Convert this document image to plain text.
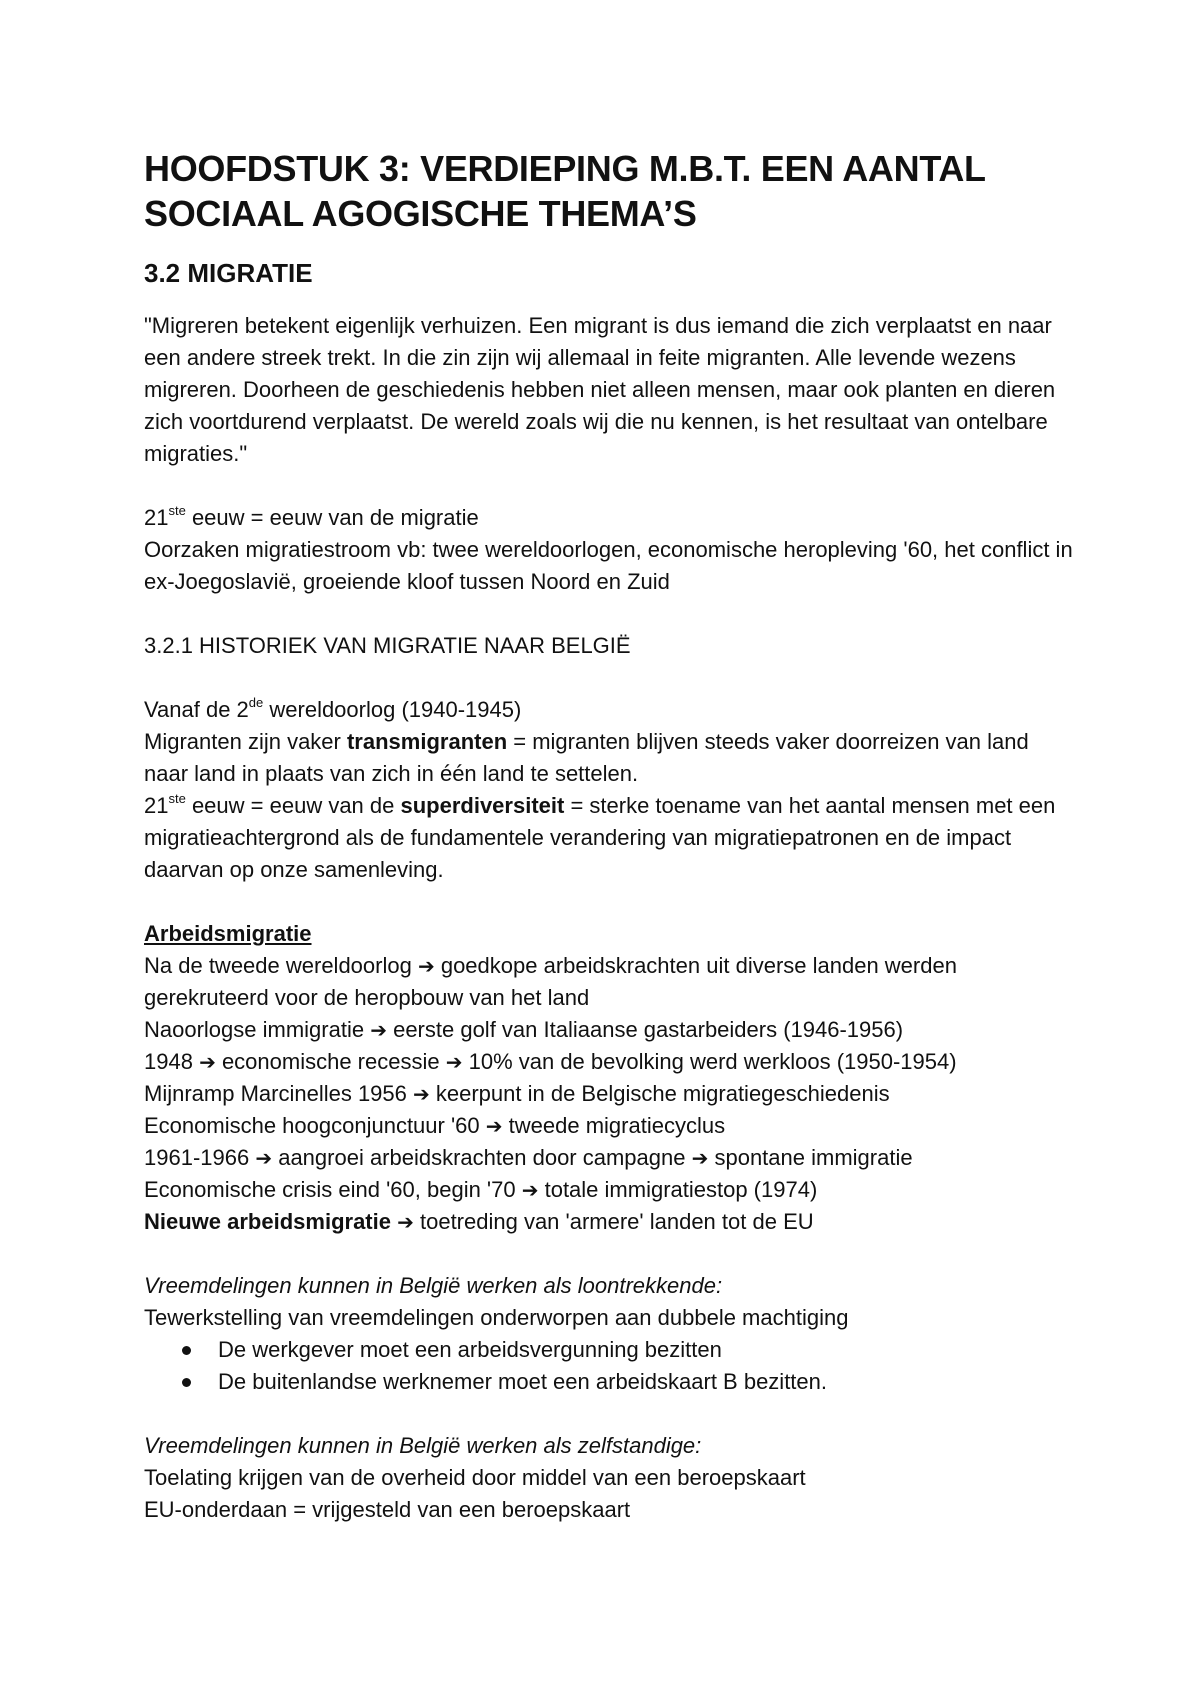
HOOFDSTUK 3: VERDIEPING M.B.T. EEN AANTAL SOCIAAL AGOGISCHE THEMA’S
3.2 MIGRATIE

"Migreren betekent eigenlijk verhuizen. Een migrant is dus iemand die zich verplaatst en naar een andere streek trekt. In die zin zijn wij allemaal in feite migranten. Alle levende wezens migreren. Doorheen de geschiedenis hebben niet alleen mensen, maar ook planten en dieren zich voortdurend verplaatst. De wereld zoals wij die nu kennen, is het resultaat van ontelbare migraties."

21ste eeuw = eeuw van de migratie

Oorzaken migratiestroom vb: twee wereldoorlogen, economische heropleving '60, het conflict in ex-Joegoslavië, groeiende kloof tussen Noord en Zuid

3.2.1 HISTORIEK VAN MIGRATIE NAAR BELGIË

Vanaf de 2de wereldoorlog (1940-1945)

Migranten zijn vaker transmigranten = migranten blijven steeds vaker doorreizen van land naar land in plaats van zich in één land te settelen.

21ste eeuw = eeuw van de superdiversiteit = sterke toename van het aantal mensen met een migratieachtergrond als de fundamentele verandering van migratiepatronen en de impact daarvan op onze samenleving.

Arbeidsmigratie

Na de tweede wereldoorlog ➔ goedkope arbeidskrachten uit diverse landen werden gerekruteerd voor de heropbouw van het land

Naoorlogse immigratie ➔ eerste golf van Italiaanse gastarbeiders (1946-1956)

1948 ➔ economische recessie ➔ 10% van de bevolking werd werkloos (1950-1954)

Mijnramp Marcinelles 1956 ➔ keerpunt in de Belgische migratiegeschiedenis

Economische hoogconjunctuur '60 ➔ tweede migratiecyclus

1961-1966 ➔ aangroei arbeidskrachten door campagne ➔ spontane immigratie

Economische crisis eind '60, begin '70 ➔ totale immigratiestop (1974)

Nieuwe arbeidsmigratie ➔ toetreding van 'armere' landen tot de EU

Vreemdelingen kunnen in België werken als loontrekkende:

Tewerkstelling van vreemdelingen onderworpen aan dubbele machtiging

De werkgever moet een arbeidsvergunning bezitten
De buitenlandse werknemer moet een arbeidskaart B bezitten.

Vreemdelingen kunnen in België werken als zelfstandige:

Toelating krijgen van de overheid door middel van een beroepskaart

EU-onderdaan = vrijgesteld van een beroepskaart
